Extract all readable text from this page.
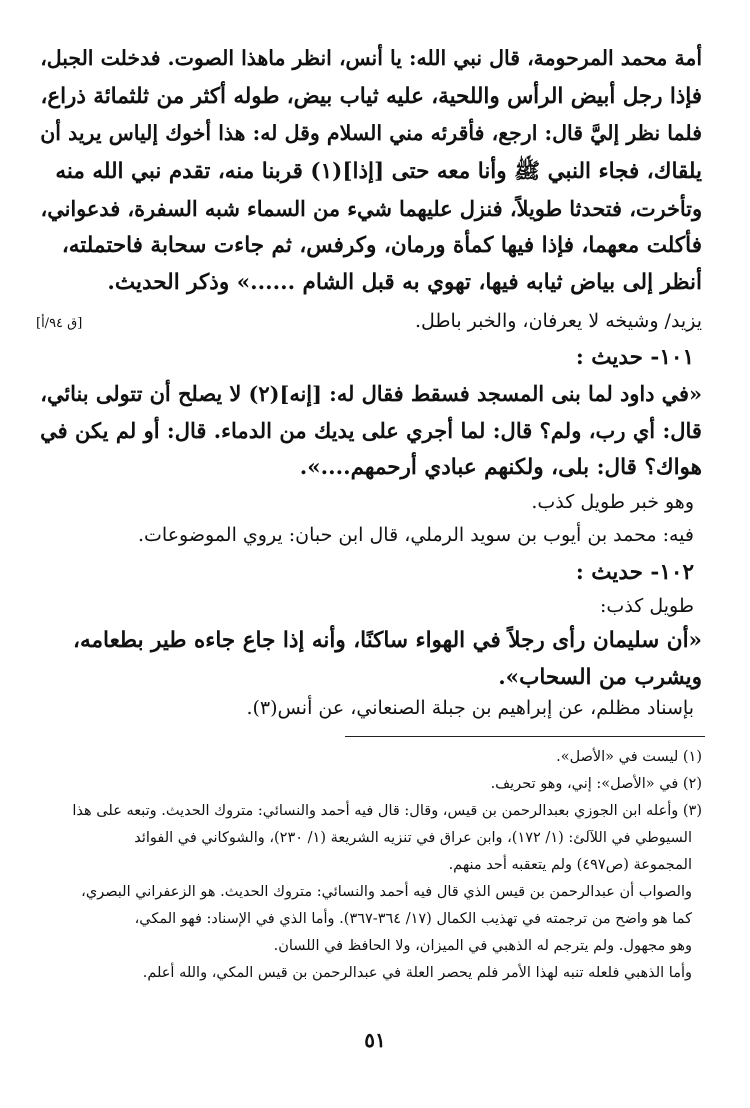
أمة محمد المرحومة، قال نبي الله: يا أنس، انظر ماهذا الصوت. فدخلت الجبل،
فإذا رجل أبيض الرأس واللحية، عليه ثياب بيض، طوله أكثر من ثلثمائة ذراع،
فلما نظر إليَّ قال: ارجع، فأقرئه مني السلام وقل له: هذا أخوك إلياس يريد أن
يلقاك، فجاء النبي ﷺ وأنا معه حتى [إذا](١) قربنا منه، تقدم نبي الله منه
وتأخرت، فتحدثا طويلاً، فنزل عليهما شيء من السماء شبه السفرة، فدعواني،
فأكلت معهما، فإذا فيها كمأة ورمان، وكرفس، ثم جاءت سحابة فاحتملته،
أنظر إلى بياض ثيابه فيها، تهوي به قبل الشام ......» وذكر الحديث.
يزيد/ وشيخه لا يعرفان، والخبر باطل.
[ق ٩٤/أ]
١٠١- حديث :
«في داود لما بنى المسجد فسقط فقال له: [إنه](٢) لا يصلح أن تتولى بنائي،
قال: أي رب، ولم؟ قال: لما أجري على يديك من الدماء. قال: أو لم يكن في
هواك؟ قال: بلى، ولكنهم عبادي أرحمهم....».
وهو خبر طويل كذب.
فيه: محمد بن أيوب بن سويد الرملي، قال ابن حبان: يروي الموضوعات.
١٠٢- حديث :
طويل كذب:
«أن سليمان رأى رجلاً في الهواء ساكنًا، وأنه إذا جاع جاءه طير بطعامه،
ويشرب من السحاب».
بإسناد مظلم، عن إبراهيم بن جبلة الصنعاني، عن أنس(٣).
(١) ليست في «الأصل».
(٢) في «الأصل»: إني، وهو تحريف.
(٣) وأعله ابن الجوزي بعبدالرحمن بن قيس، وقال: قال فيه أحمد والنسائي: متروك الحديث. وتبعه على هذا
السيوطي في اللآلئ: (١/ ١٧٢)، وابن عراق في تنزيه الشريعة (١/ ٢٣٠)، والشوكاني في الفوائد
المجموعة (ص٤٩٧) ولم يتعقبه أحد منهم.
والصواب أن عبدالرحمن بن قيس الذي قال فيه أحمد والنسائي: متروك الحديث. هو الزعفراني البصري،
كما هو واضح من ترجمته في تهذيب الكمال (١٧/ ٣٦٤-٣٦٧). وأما الذي في الإسناد: فهو المكي،
وهو مجهول. ولم يترجم له الذهبي في الميزان، ولا الحافظ في اللسان.
وأما الذهبي فلعله تنبه لهذا الأمر فلم يحصر العلة في عبدالرحمن بن قيس المكي، والله أعلم.
٥١
